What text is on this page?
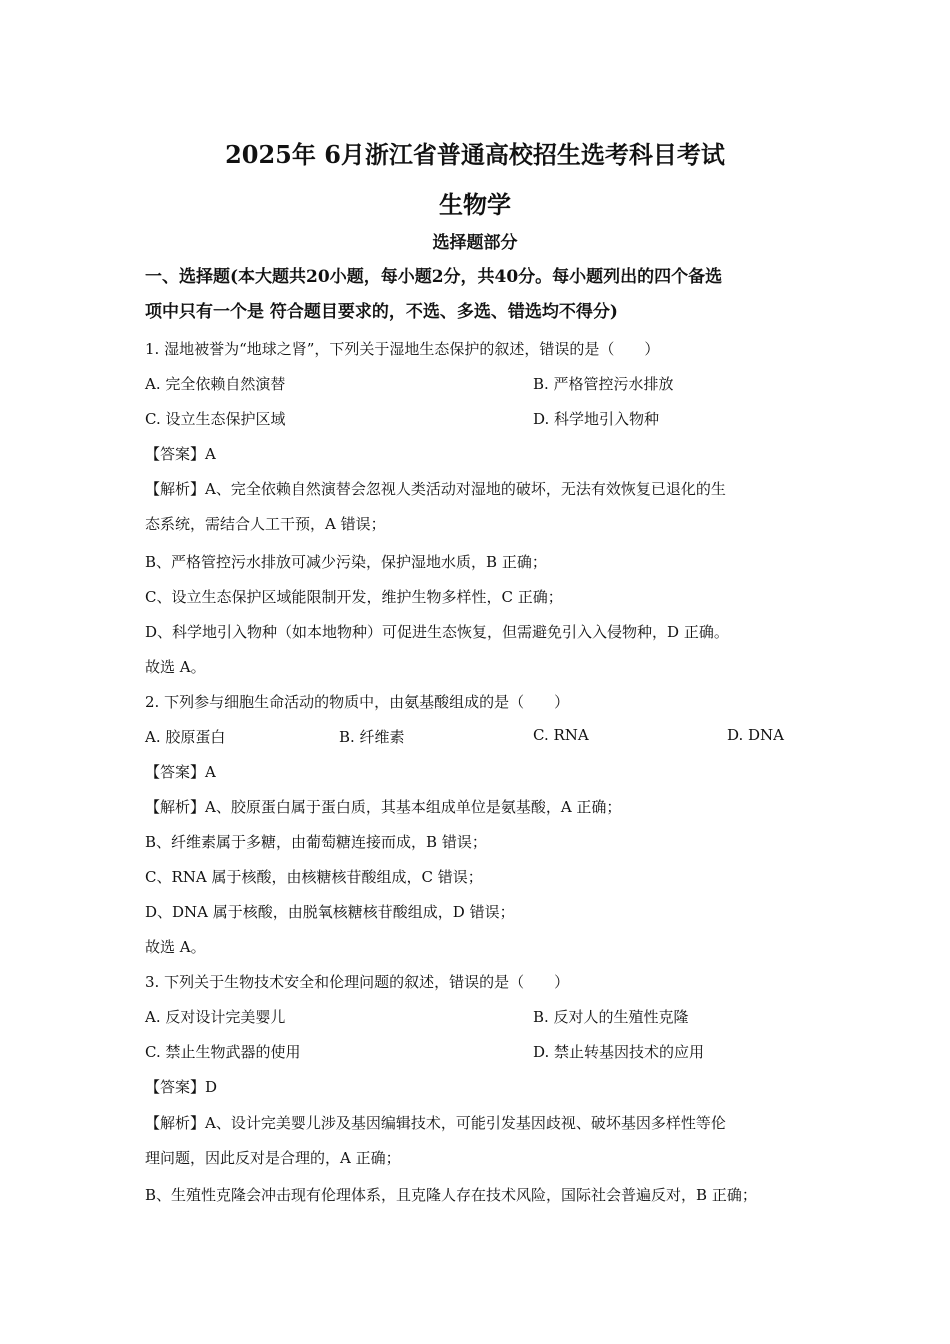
2025年 6月浙江省普通高校招生选考科目考试
生物学
选择题部分
一、选择题(本大题共20小题，每小题2分，共40分。每小题列出的四个备选
项中只有一个是 符合题目要求的，不选、多选、错选均不得分)
1. 湿地被誉为“地球之肾”，下列关于湿地生态保护的叙述，错误的是（　　）
A. 完全依赖自然演替	B. 严格管控污水排放
C. 设立生态保护区域	D. 科学地引入物种
【答案】A
【解析】A、完全依赖自然演替会忽视人类活动对湿地的破坏，无法有效恢复已退化的生
态系统，需结合人工干预，A 错误；
B、严格管控污水排放可减少污染，保护湿地水质，B 正确；
C、设立生态保护区域能限制开发，维护生物多样性，C 正确；
D、科学地引入物种（如本地物种）可促进生态恢复，但需避免引入入侵物种，D 正确。
故选 A。
2. 下列参与细胞生命活动的物质中，由氨基酸组成的是（　　）
A. 胶原蛋白	B. 纤维素	C. RNA	D. DNA
【答案】A
【解析】A、胶原蛋白属于蛋白质，其基本组成单位是氨基酸，A 正确；
B、纤维素属于多糖，由葡萄糖连接而成，B 错误；
C、RNA 属于核酸，由核糖核苷酸组成，C 错误；
D、DNA 属于核酸，由脱氧核糖核苷酸组成，D 错误；
故选 A。
3. 下列关于生物技术安全和伦理问题的叙述，错误的是（　　）
A. 反对设计完美婴儿	B. 反对人的生殖性克隆
C. 禁止生物武器的使用	D. 禁止转基因技术的应用
【答案】D
【解析】A、设计完美婴儿涉及基因编辑技术，可能引发基因歧视、破坏基因多样性等伦
理问题，因此反对是合理的，A 正确；
B、生殖性克隆会冲击现有伦理体系，且克隆人存在技术风险，国际社会普遍反对，B 正确；
